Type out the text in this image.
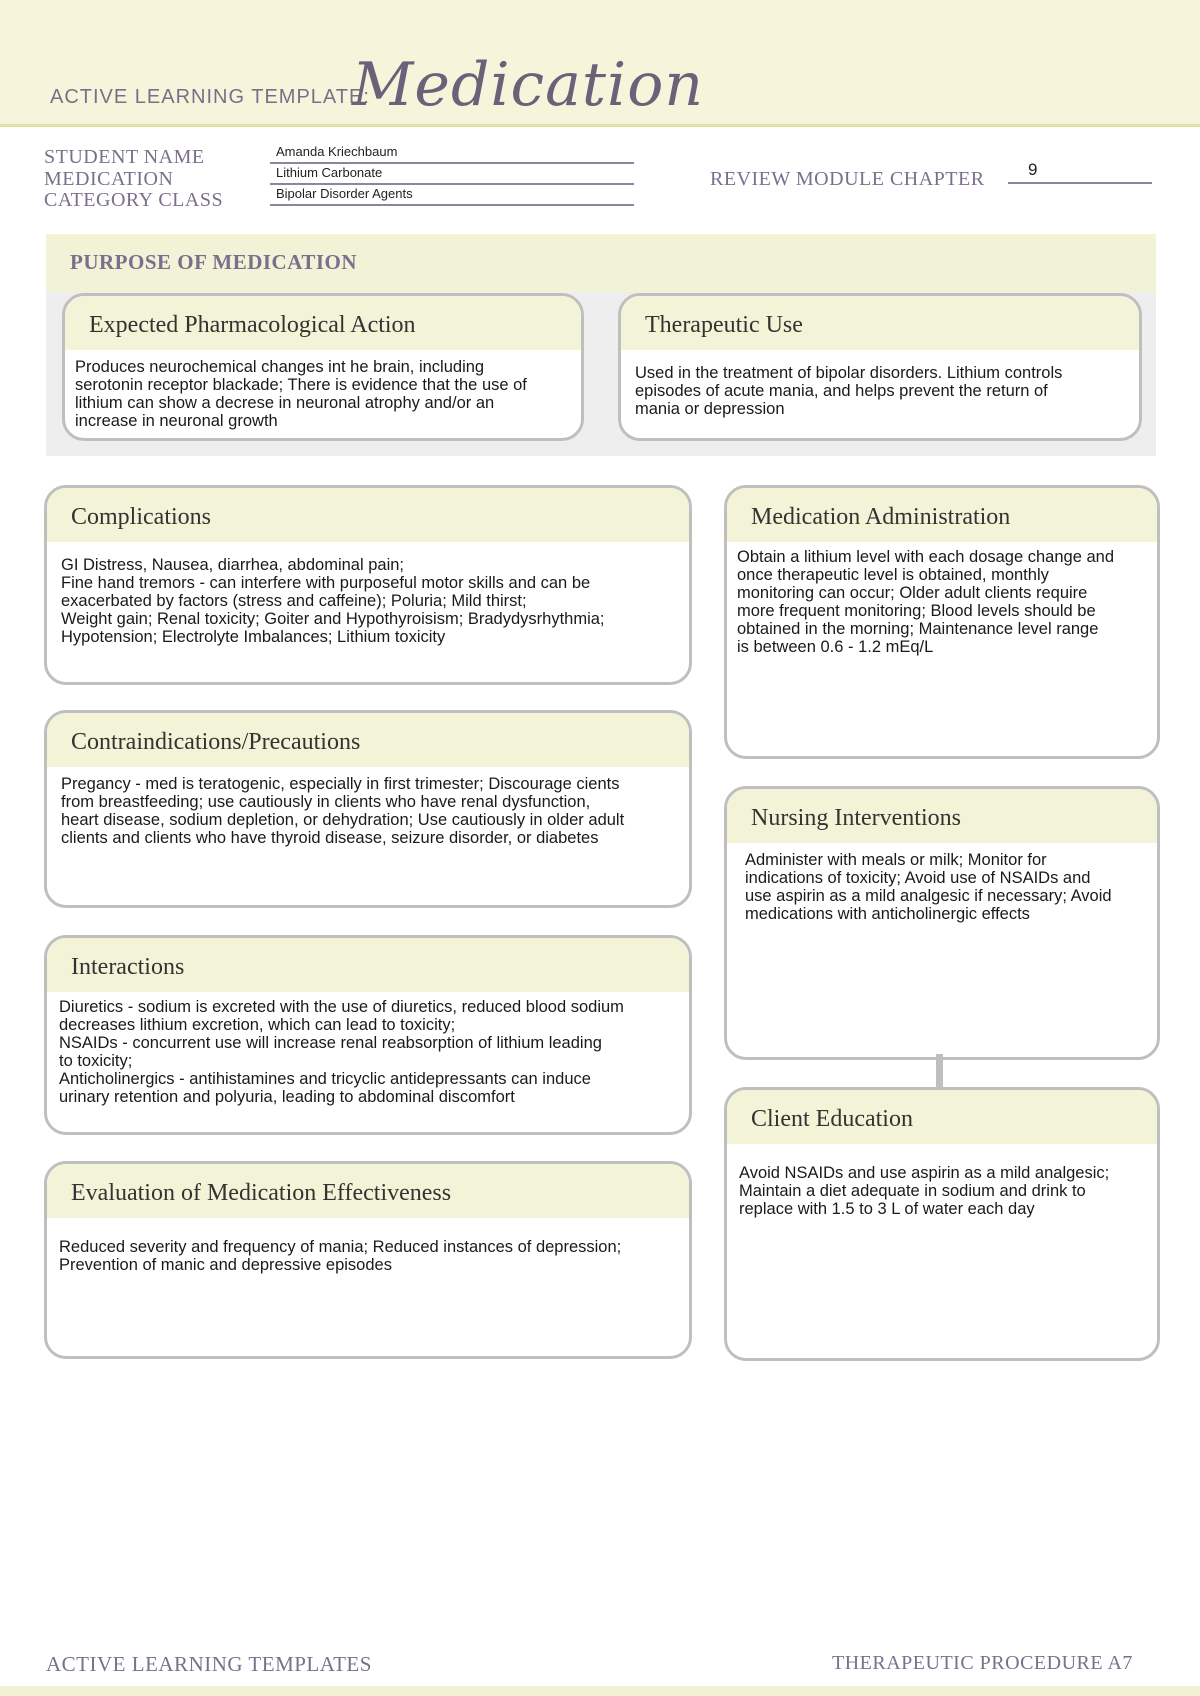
ACTIVE LEARNING TEMPLATE:
Medication
STUDENT NAME
MEDICATION
CATEGORY CLASS
Amanda Kriechbaum
Lithium Carbonate
Bipolar Disorder Agents
REVIEW MODULE CHAPTER	9
PURPOSE OF MEDICATION
Expected Pharmacological Action
Produces neurochemical changes int he brain, including
serotonin receptor blackade; There is evidence that the use of
lithium can show a decrese in neuronal atrophy and/or an
increase in neuronal growth
Therapeutic Use
Used in the treatment of bipolar disorders. Lithium controls
episodes of acute mania, and helps prevent the return of
mania or depression
Complications
GI Distress, Nausea, diarrhea, abdominal pain;
Fine hand tremors - can interfere with purposeful motor skills and can be
exacerbated by factors (stress and caffeine); Poluria; Mild thirst;
Weight gain; Renal toxicity; Goiter and Hypothyroisism; Bradydysrhythmia;
Hypotension; Electrolyte Imbalances; Lithium toxicity
Contraindications/Precautions
Pregancy - med is teratogenic, especially in first trimester; Discourage cients
from breastfeeding; use cautiously in clients who have renal dysfunction,
heart disease, sodium depletion, or dehydration; Use cautiously in older adult
clients and clients who have thyroid disease, seizure disorder, or diabetes
Interactions
Diuretics - sodium is excreted with the use of diuretics, reduced blood sodium
decreases lithium excretion, which can lead to toxicity;
NSAIDs - concurrent use will increase renal reabsorption of lithium leading
to toxicity;
Anticholinergics - antihistamines and tricyclic antidepressants can induce
urinary retention and polyuria, leading to abdominal discomfort
Evaluation of Medication Effectiveness
Reduced severity and frequency of mania; Reduced instances of depression;
Prevention of manic and depressive episodes
Medication Administration
Obtain a lithium level with each dosage change and
once therapeutic level is obtained, monthly
monitoring can occur; Older adult clients require
more frequent monitoring; Blood levels should be
obtained in the morning; Maintenance level range
is between 0.6 - 1.2 mEq/L
Nursing Interventions
Administer with meals or milk; Monitor for
indications of toxicity; Avoid use of NSAIDs and
use aspirin as a mild analgesic if necessary; Avoid
medications with anticholinergic effects
Client Education
Avoid NSAIDs and use aspirin as a mild analgesic;
Maintain a diet adequate in sodium and drink to
replace with 1.5 to 3 L of water each day
ACTIVE LEARNING TEMPLATES	THERAPEUTIC PROCEDURE A7
